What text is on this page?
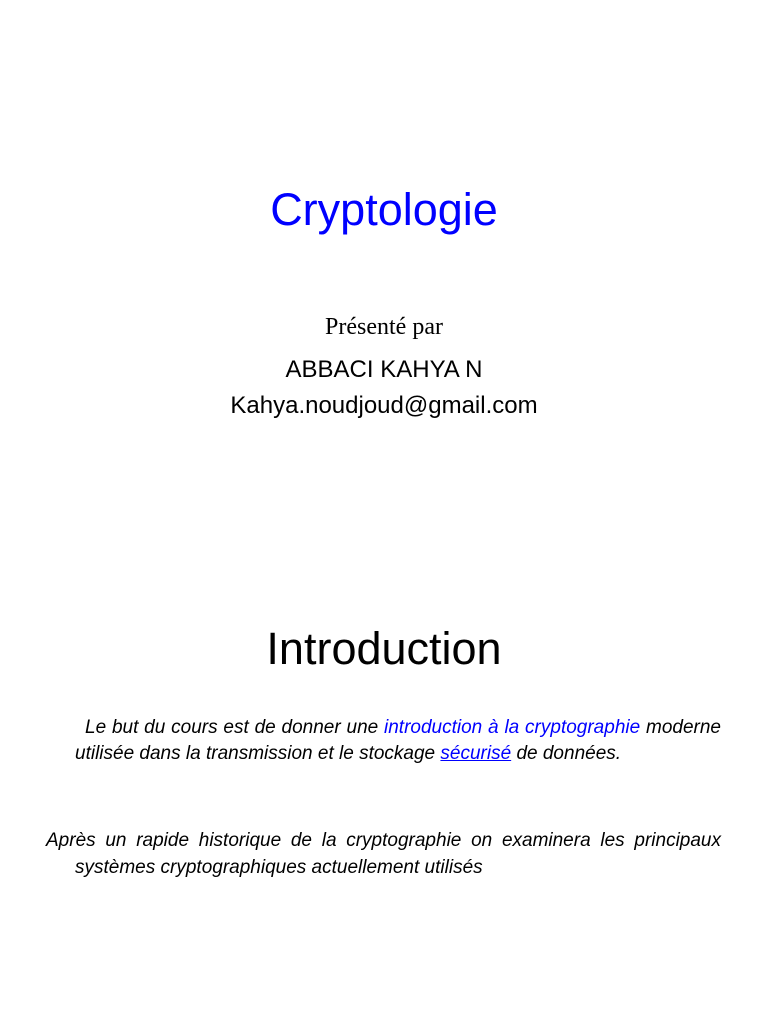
Cryptologie
Présenté par
ABBACI KAHYA N
Kahya.noudjoud@gmail.com
Introduction

Le but du cours est de donner une introduction à la cryptographie moderne utilisée dans la transmission et le stockage sécurisé de données.

Après un rapide historique de la cryptographie on examinera les principaux systèmes cryptographiques actuellement utilisés
